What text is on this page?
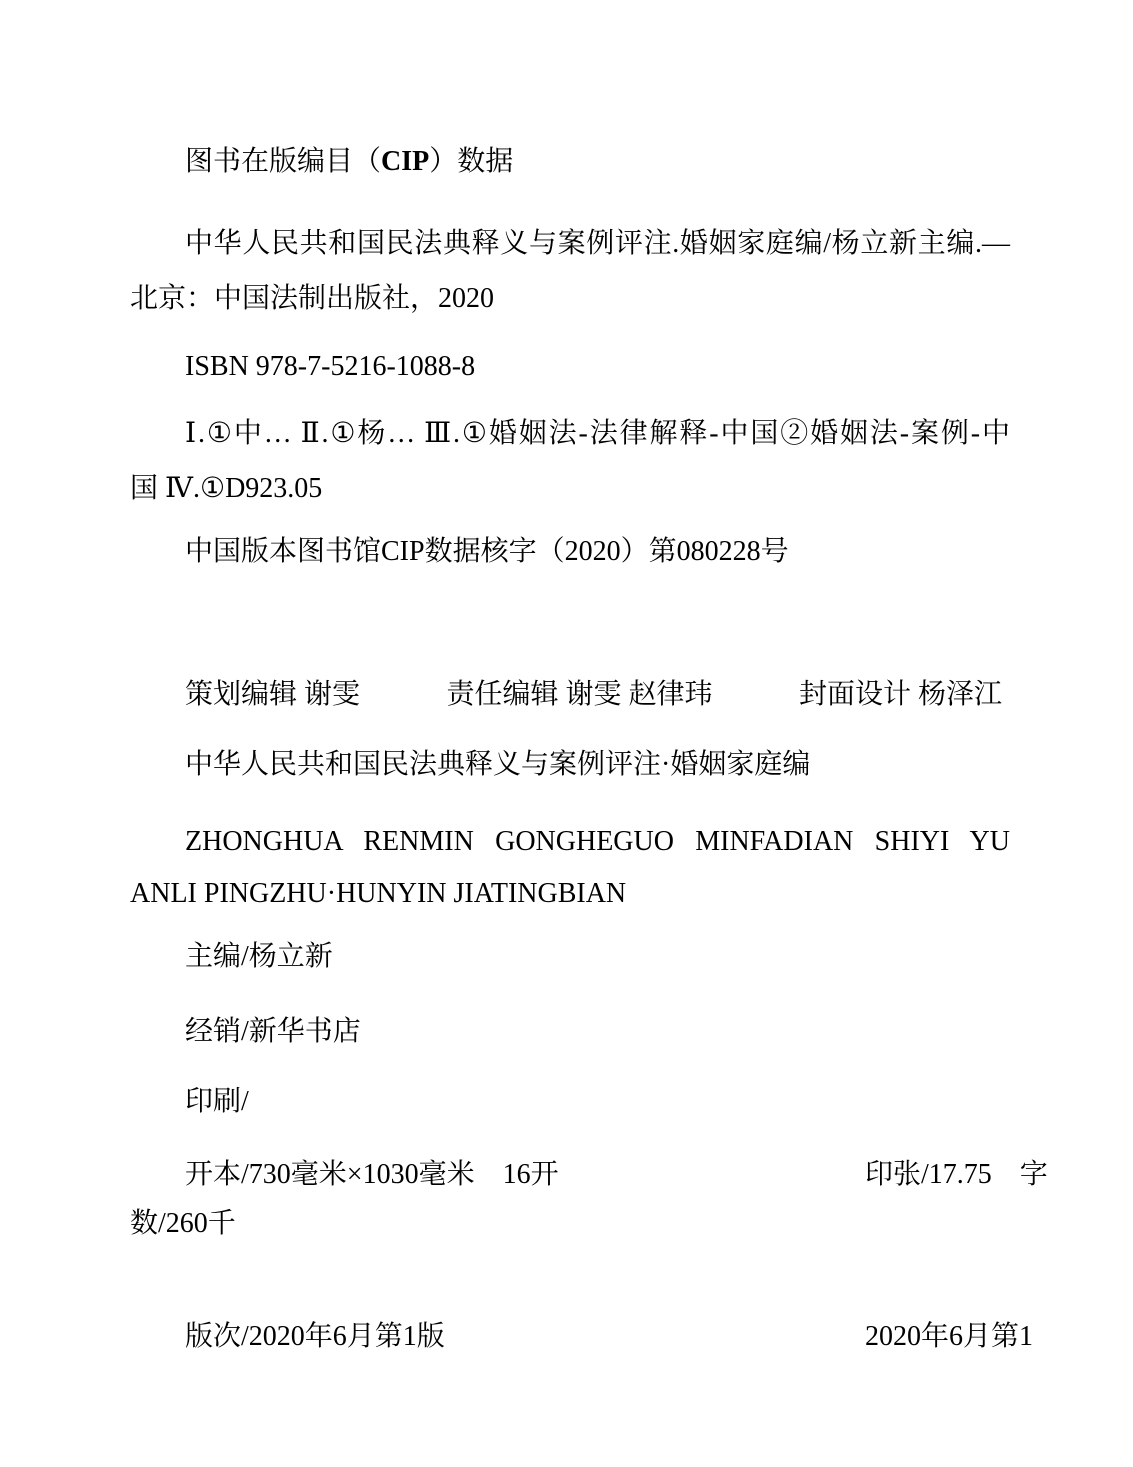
图书在版编目（CIP）数据
中华人民共和国民法典释义与案例评注.婚姻家庭编/杨立新主编.—
北京：中国法制出版社，2020
ISBN 978-7-5216-1088-8
Ⅰ.①中… Ⅱ.①杨… Ⅲ.①婚姻法-法律解释-中国②婚姻法-案例-中
国 Ⅳ.①D923.05
中国版本图书馆CIP数据核字（2020）第080228号
策划编辑 谢雯	责任编辑 谢雯 赵律玮	封面设计 杨泽江
中华人民共和国民法典释义与案例评注·婚姻家庭编
ZHONGHUA RENMIN GONGHEGUO MINFADIAN SHIYI YU
ANLI PINGZHU·HUNYIN JIATINGBIAN
主编/杨立新
经销/新华书店
印刷/
开本/730毫米×1030毫米　16开	印张/17.75　字
数/260千
版次/2020年6月第1版	2020年6月第1
